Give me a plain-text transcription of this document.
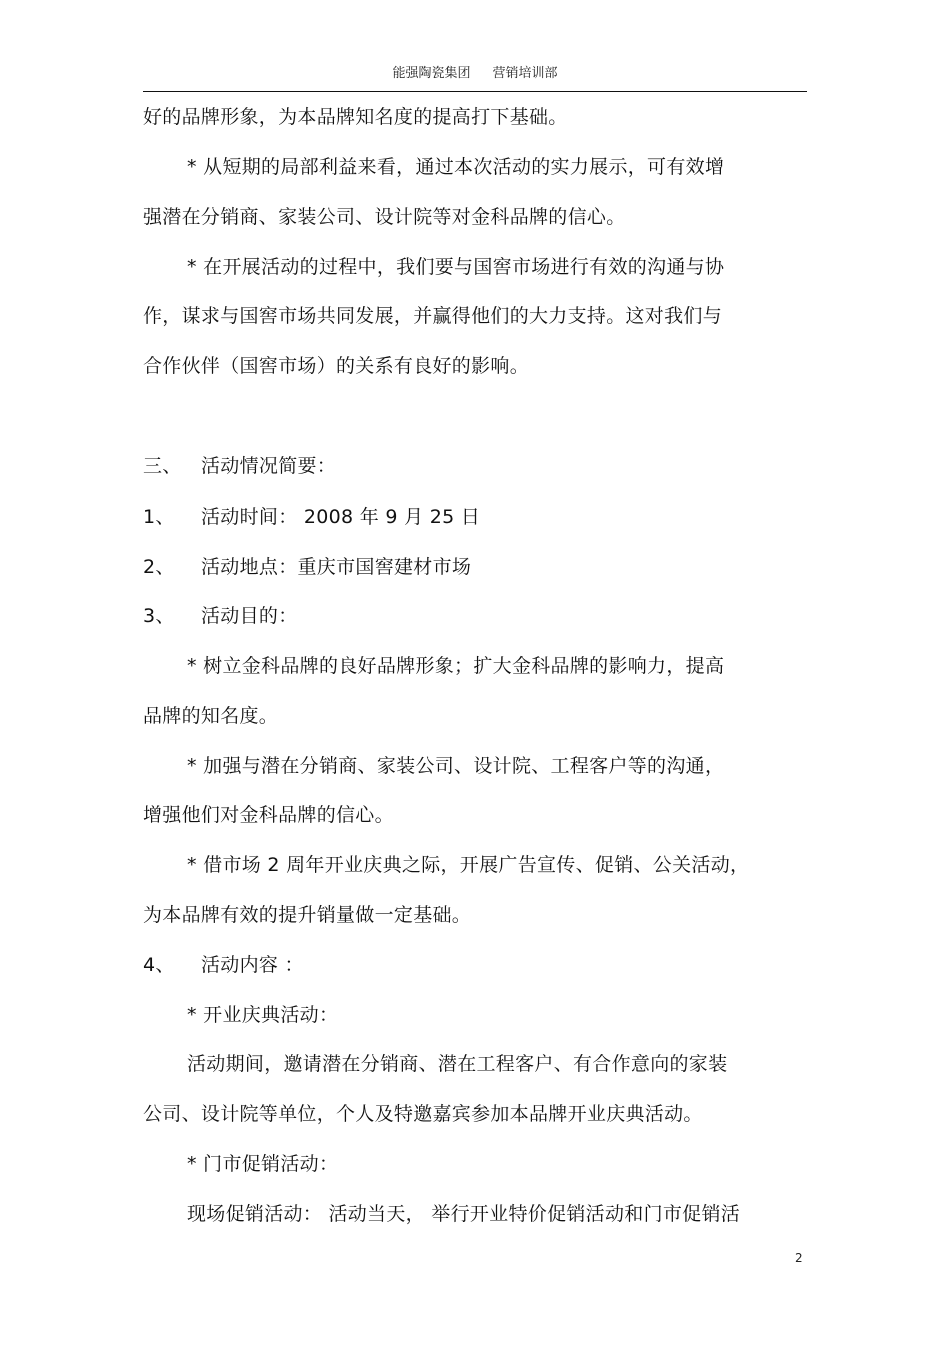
能强陶瓷集团 营销培训部
好的品牌形象，为本品牌知名度的提高打下基础。
* 从短期的局部利益来看，通过本次活动的实力展示，可有效增
强潜在分销商、家装公司、设计院等对金科品牌的信心。
* 在开展活动的过程中，我们要与国窖市场进行有效的沟通与协
作，谋求与国窖市场共同发展，并赢得他们的大力支持。这对我们与
合作伙伴（国窖市场）的关系有良好的影响。
三、 活动情况简要：
1、 活动时间： 2008 年 9 月 25 日
2、 活动地点：重庆市国窖建材市场
3、 活动目的：
* 树立金科品牌的良好品牌形象；扩大金科品牌的影响力，提高
品牌的知名度。
* 加强与潜在分销商、家装公司、设计院、工程客户等的沟通，
增强他们对金科品牌的信心。
* 借市场 2 周年开业庆典之际，开展广告宣传、促销、公关活动，
为本品牌有效的提升销量做一定基础。
4、 活动内容 ：
* 开业庆典活动：
活动期间，邀请潜在分销商、潜在工程客户、有合作意向的家装
公司、设计院等单位，个人及特邀嘉宾参加本品牌开业庆典活动。
* 门市促销活动：
现场促销活动： 活动当天， 举行开业特价促销活动和门市促销活
2
